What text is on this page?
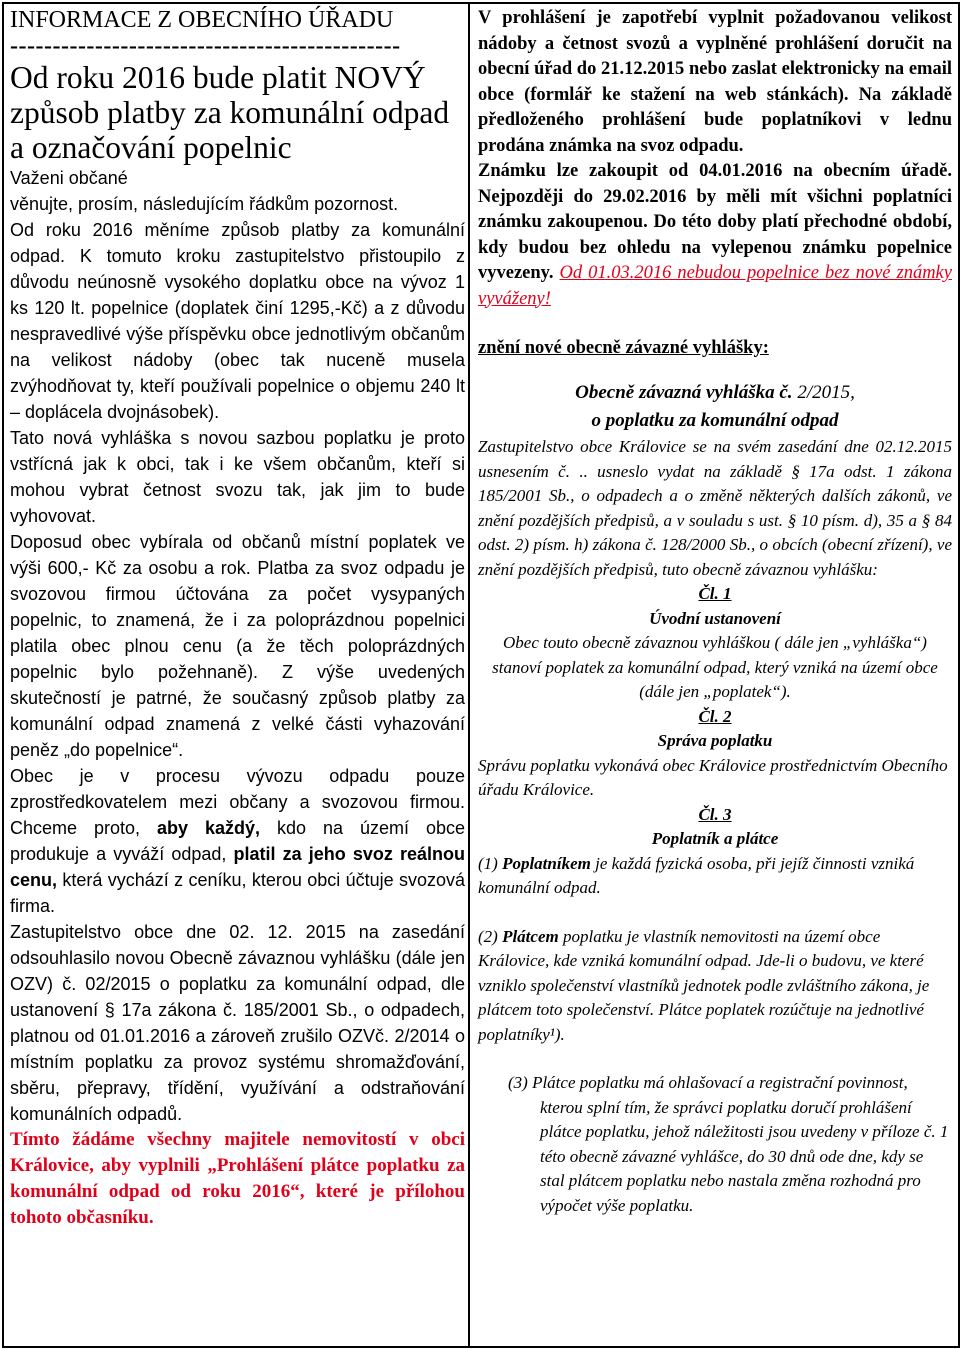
INFORMACE Z OBECNÍHO ÚŘADU
----------------------------------------------
Od roku 2016 bude platit NOVÝ způsob platby za komunální odpad a označování popelnic

Važeni občané

věnujte, prosím, následujícím řádkům pozornost.

Od roku 2016 měníme způsob platby za komunální odpad. K tomuto kroku zastupitelstvo přistoupilo z důvodu neúnosně vysokého doplatku obce na vývoz 1 ks 120 lt. popelnice (doplatek činí 1295,-Kč) a z důvodu nespravedlivé výše příspěvku obce jednotlivým občanům na velikost nádoby (obec tak nuceně musela zvýhodňovat ty, kteří používali popelnice o objemu 240 lt – doplácela dvojnásobek).

Tato nová vyhláška s novou sazbou poplatku je proto vstřícná jak k obci, tak i ke všem občanům, kteří si mohou vybrat četnost svozu tak, jak jim to bude vyhovovat.

Doposud obec vybírala od občanů místní poplatek ve výši 600,- Kč za osobu a rok. Platba za svoz odpadu je svozovou firmou účtována za počet vysypaných popelnic, to znamená, že i za poloprázdnou popelnici platila obec plnou cenu (a že těch poloprázdných popelnic bylo požehnaně). Z výše uvedených skutečností je patrné, že současný způsob platby za komunální odpad znamená z velké části vyhazování peněz „do popelnice“.

Obec je v procesu vývozu odpadu pouze zprostředkovatelem mezi občany a svozovou firmou. Chceme proto, aby každý, kdo na území obce produkuje a vyváží odpad, platil za jeho svoz reálnou cenu, která vychází z ceníku, kterou obci účtuje svozová firma.

Zastupitelstvo obce dne 02. 12. 2015 na zasedání odsouhlasilo novou Obecně závaznou vyhlášku (dále jen OZV) č. 02/2015 o poplatku za komunální odpad, dle ustanovení § 17a zákona č. 185/2001 Sb., o odpadech, platnou od 01.01.2016 a zároveň zrušilo OZVč. 2/2014 o místním poplatku za provoz systému shromažďování, sběru, přepravy, třídění, využívání a odstraňování komunálních odpadů.

Tímto žádáme všechny majitele nemovitostí v obci Královice, aby vyplnili „Prohlášení plátce poplatku za komunální odpad od roku 2016“, které je přílohou tohoto občasníku.
V prohlášení je zapotřebí vyplnit požadovanou velikost nádoby a četnost svozů a vyplněné prohlášení doručit na obecní úřad do 21.12.2015 nebo zaslat elektronicky na email obce (formlář ke stažení na web stánkách). Na základě předloženého prohlášení bude poplatníkovi v lednu prodána známka na svoz odpadu.
Známku lze zakoupit od 04.01.2016 na obecním úřadě. Nejpozději do 29.02.2016 by měli mít všichni poplatníci známku zakoupenou. Do této doby platí přechodné období, kdy budou bez ohledu na vylepenou známku popelnice vyvezeny. Od 01.03.2016 nebudou popelnice bez nové známky vyváženy!
znění nové obecně závazné vyhlášky:
Obecně závazná vyhláška č. 2/2015,
o poplatku za komunální odpad
Zastupitelstvo obce Královice se na svém zasedání dne 02.12.2015 usnesením č. .. usneslo vydat na základě § 17a odst. 1 zákona 185/2001 Sb., o odpadech a o změně některých dalších zákonů, ve znění pozdějších předpisů, a v souladu s ust. § 10 písm. d), 35 a § 84 odst. 2) písm. h) zákona č. 128/2000 Sb., o obcích (obecní zřízení), ve znění pozdějších předpisů, tuto obecně závaznou vyhlášku:
Čl. 1
Úvodní ustanovení
Obec touto obecně závaznou vyhláškou ( dále jen „vyhláška“) stanoví poplatek za komunální odpad, který vzniká na území obce (dále jen „poplatek“).
Čl. 2
Správa poplatku
Správu poplatku vykonává obec Královice prostřednictvím Obecního úřadu Královice.
Čl. 3
Poplatník a plátce
(1) Poplatníkem je každá fyzická osoba, při jejíž činnosti vzniká komunální odpad.
(2) Plátcem poplatku je vlastník nemovitosti na území obce Královice, kde vzniká komunální odpad. Jde-li o budovu, ve které vzniklo společenství vlastníků jednotek podle zvláštního zákona, je plátcem toto společenství. Plátce poplatek rozúčtuje na jednotlivé poplatníky¹).
(3) Plátce poplatku má ohlašovací a registrační povinnost, kterou splní tím, že správci poplatku doručí prohlášení plátce poplatku, jehož náležitosti jsou uvedeny v příloze č. 1 této obecně závazné vyhlášce, do 30 dnů ode dne, kdy se stal plátcem poplatku nebo nastala změna rozhodná pro výpočet výše poplatku.
